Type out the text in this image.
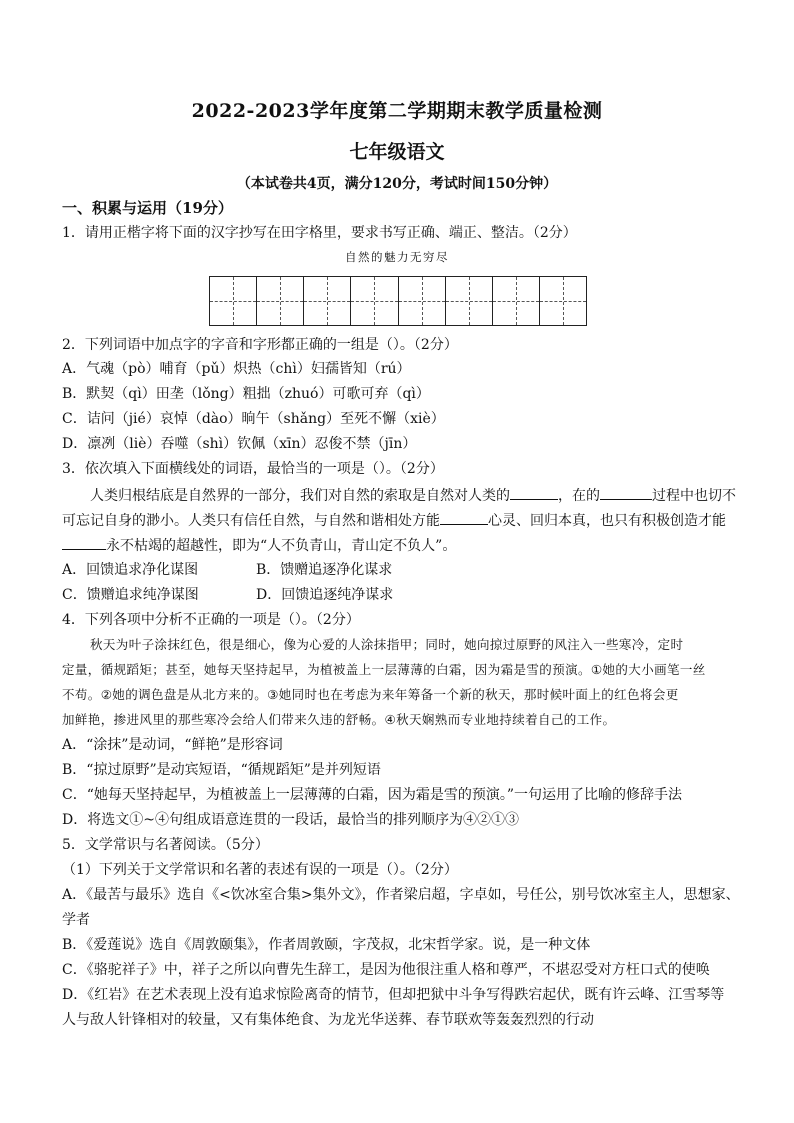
2022-2023学年度第二学期期末教学质量检测
七年级语文
（本试卷共4页，满分120分，考试时间150分钟）
一、积累与运用（19分）
1．请用正楷字将下面的汉字抄写在田字格里，要求书写正确、端正、整洁。（2分）
自然的魅力无穷尽
2．下列词语中加点字的字音和字形都正确的一组是（）。（2分）
A．气魂（pò）哺育（pǔ）炽热（chì）妇孺皆知（rú）
B．默契（qì）田垄（lǒng）粗拙（zhuó）可歌可弃（qì）
C．诘问（jié）哀悼（dào）晌午（shǎng）至死不懈（xiè）
D．凛冽（liè）吞噬（shì）钦佩（xīn）忍俊不禁（jīn）
3．依次填入下面横线处的词语，最恰当的一项是（）。（2分）
人类归根结底是自然界的一部分，我们对自然的索取是自然对人类的	，在的	过程中也切不
可忘记自身的渺小。人类只有信任自然，与自然和谐相处方能	心灵、回归本真，也只有积极创造才能
永不枯竭的超越性，即为“人不负青山，青山定不负人”。
A．回馈追求净化谋图	B．馈赠追逐净化谋求
C．馈赠追求纯净谋图	D．回馈追逐纯净谋求
4．下列各项中分析不正确的一项是（）。（2分）
秋天为叶子涂抹红色，很是细心，像为心爱的人涂抹指甲；同时，她向掠过原野的风注入一些寒冷，定时
定量，循规蹈矩；甚至，她每天坚持起早，为植被盖上一层薄薄的白霜，因为霜是雪的预演。①她的大小画笔一丝
不苟。②她的调色盘是从北方来的。③她同时也在考虑为来年筹备一个新的秋天，那时候叶面上的红色将会更
加鲜艳，掺进风里的那些寒冷会给人们带来久违的舒畅。④秋天娴熟而专业地持续着自己的工作。
A．“涂抹”是动词，“鲜艳”是形容词
B．“掠过原野”是动宾短语，“循规蹈矩”是并列短语
C．“她每天坚持起早，为植被盖上一层薄薄的白霜，因为霜是雪的预演。”一句运用了比喻的修辞手法
D．将选文①~④句组成语意连贯的一段话，最恰当的排列顺序为④②①③
5．文学常识与名著阅读。（5分）
（1）下列关于文学常识和名著的表述有误的一项是（）。（2分）
A．《最苦与最乐》选自《<饮冰室合集>集外文》，作者梁启超，字卓如，号任公，别号饮冰室主人，思想家、
学者
B．《爱莲说》选自《周敦颐集》，作者周敦颐，字茂叔，北宋哲学家。说，是一种文体
C．《骆驼祥子》中，祥子之所以向曹先生辞工，是因为他很注重人格和尊严，不堪忍受对方枉口式的使唤
D．《红岩》在艺术表现上没有追求惊险离奇的情节，但却把狱中斗争写得跌宕起伏，既有许云峰、江雪琴等
人与敌人针锋相对的较量，又有集体绝食、为龙光华送葬、春节联欢等轰轰烈烈的行动
